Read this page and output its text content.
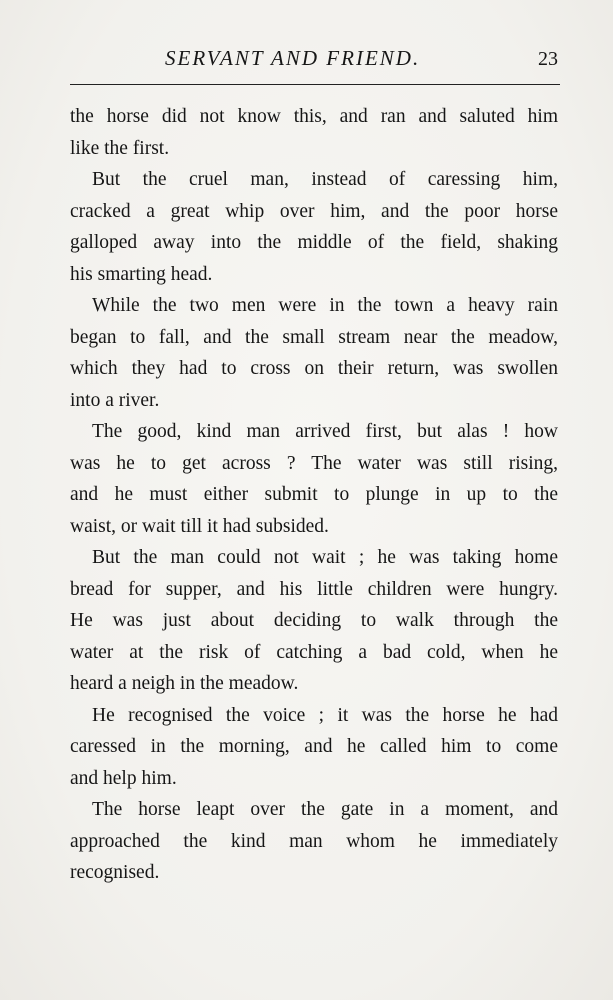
SERVANT AND FRIEND.	23
the horse did not know this, and ran and saluted him
like the first.
But the cruel man, instead of caressing him,
cracked a great whip over him, and the poor horse
galloped away into the middle of the field, shaking
his smarting head.
While the two men were in the town a heavy rain
began to fall, and the small stream near the meadow,
which they had to cross on their return, was swollen
into a river.
The good, kind man arrived first, but alas ! how
was he to get across ? The water was still rising,
and he must either submit to plunge in up to the
waist, or wait till it had subsided.
But the man could not wait ; he was taking home
bread for supper, and his little children were hungry.
He was just about deciding to walk through the
water at the risk of catching a bad cold, when he
heard a neigh in the meadow.
He recognised the voice ; it was the horse he had
caressed in the morning, and he called him to come
and help him.
The horse leapt over the gate in a moment, and
approached the kind man whom he immediately
recognised.
